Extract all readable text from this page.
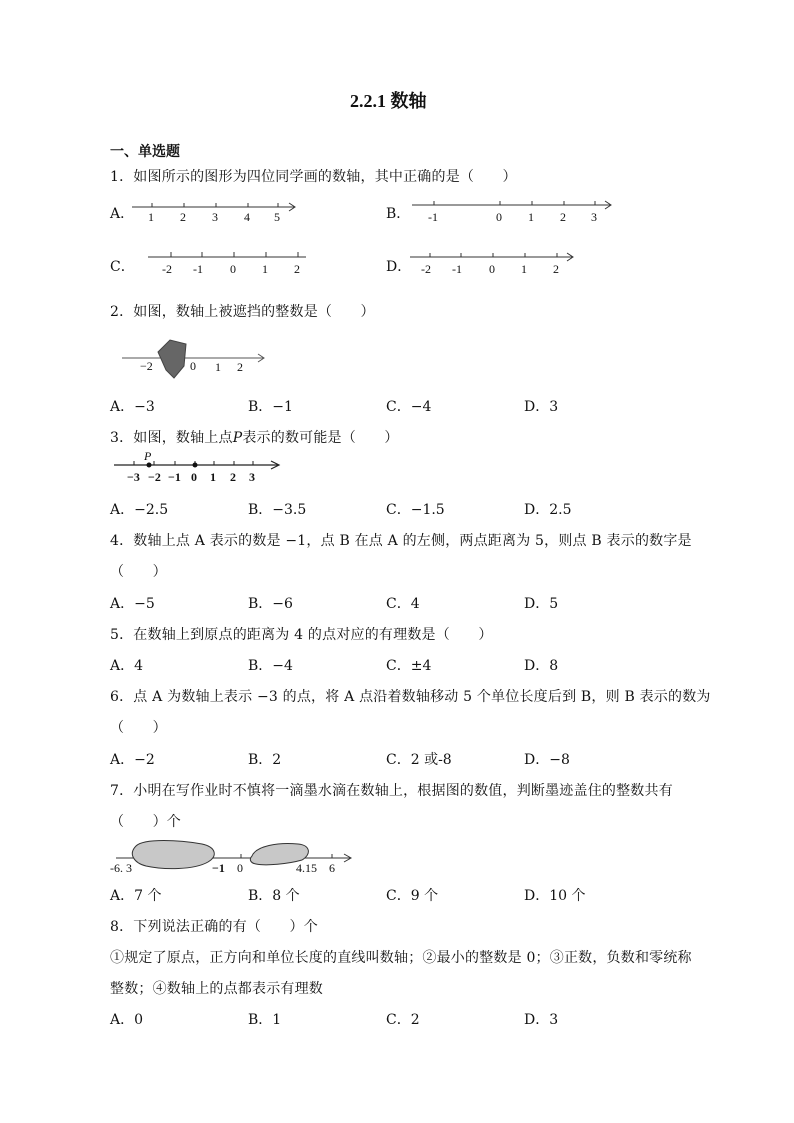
2.2.1 数轴
一、单选题
1．如图所示的图形为四位同学画的数轴，其中正确的是（　　）
A． 1 2 3 4 5	B． -1	0 1 2 3
C． -2 -1 0 1 2	D． -2 -1 0 1 2
2．如图，数轴上被遮挡的整数是（　　）
−2	0 1 2
A．−3	B．−1	C．−4	D．3
3．如图，数轴上点P表示的数可能是（　　）
P
−3 −2 −1 0 1 2 3
A．−2.5	B．−3.5	C．−1.5	D．2.5
4．数轴上点 A 表示的数是 −1，点 B 在点 A 的左侧，两点距离为 5，则点 B 表示的数字是
（　　）
A．−5	B．−6	C．4	D．5
5．在数轴上到原点的距离为 4 的点对应的有理数是（　　）
A．4	B．−4	C．±4	D．8
6．点 A 为数轴上表示 −3 的点，将 A 点沿着数轴移动 5 个单位长度后到 B，则 B 表示的数为
（　　）
A．−2	B．2	C．2 或-8	D．−8
7．小明在写作业时不慎将一滴墨水滴在数轴上，根据图的数值，判断墨迹盖住的整数共有
（　　）个
-6. 3	−1 0	4.15 6
A．7 个	B．8 个	C．9 个	D．10 个
8．下列说法正确的有（　　）个
①规定了原点，正方向和单位长度的直线叫数轴；②最小的整数是 0；③正数，负数和零统称
整数；④数轴上的点都表示有理数
A．0	B．1	C．2	D．3
